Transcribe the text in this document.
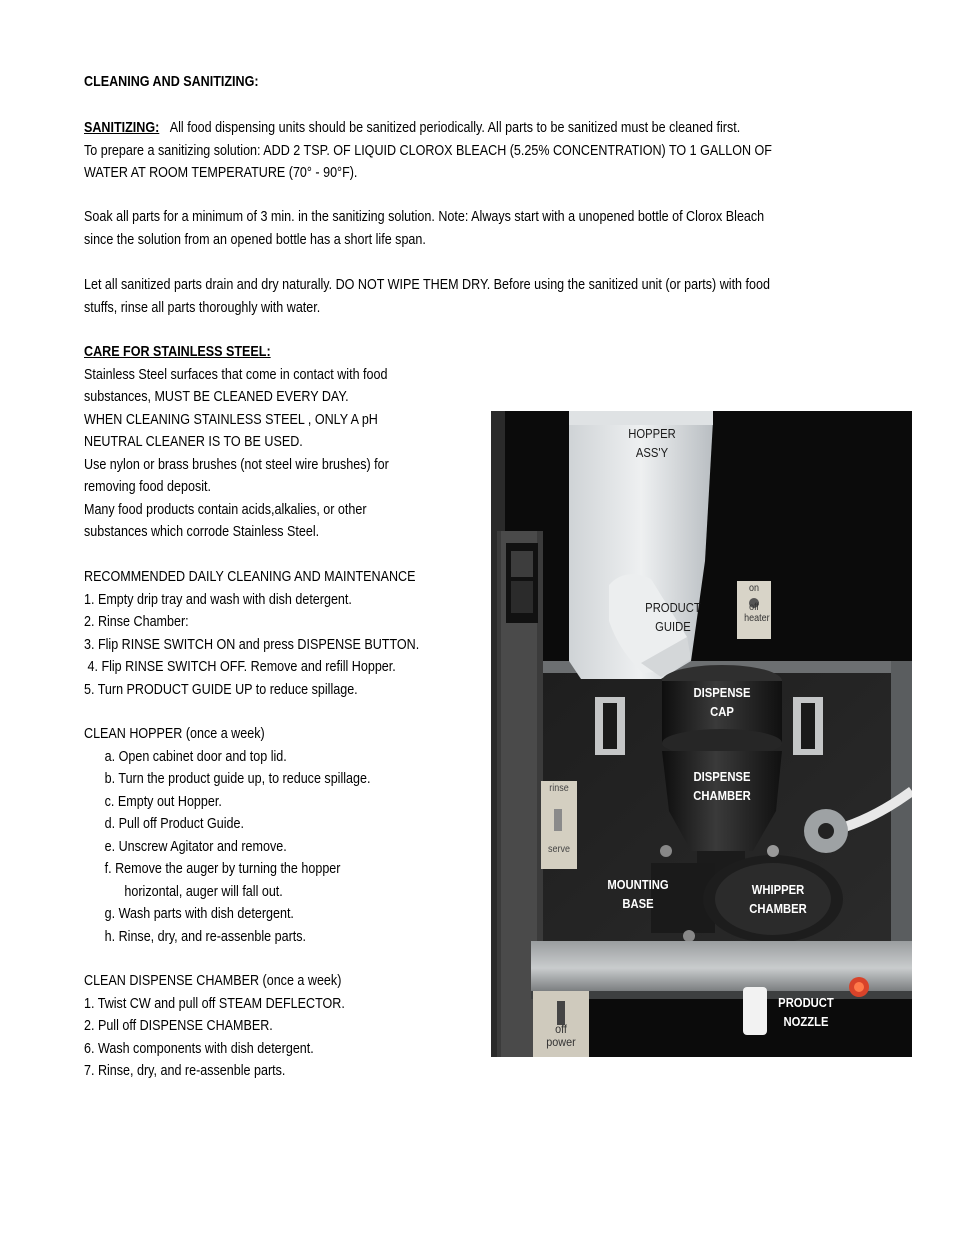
CLEANING AND SANITIZING:
SANITIZING: All food dispensing units should be sanitized periodically. All parts to be sanitized must be cleaned first.
To prepare a sanitizing solution: ADD 2 TSP. OF LIQUID CLOROX BLEACH (5.25% CONCENTRATION) TO 1 GALLON OF
WATER AT ROOM TEMPERATURE (70° - 90°F).
Soak all parts for a minimum of 3 min. in the sanitizing solution. Note: Always start with a unopened bottle of Clorox Bleach
since the solution from an opened bottle has a short life span.
Let all sanitized parts drain and dry naturally. DO NOT WIPE THEM DRY. Before using the sanitized unit (or parts) with food
stuffs, rinse all parts thoroughly with water.
CARE FOR STAINLESS STEEL:
Stainless Steel surfaces that come in contact with food
substances, MUST BE CLEANED EVERY DAY.
WHEN CLEANING STAINLESS STEEL , ONLY A pH
NEUTRAL CLEANER IS TO BE USED.
Use nylon or brass brushes (not steel wire brushes) for
removing food deposit.
Many food products contain acids,alkalies, or other
substances which corrode Stainless Steel.
RECOMMENDED DAILY CLEANING AND MAINTENANCE
1. Empty drip tray and wash with dish detergent.
2. Rinse Chamber:
3. Flip RINSE SWITCH ON and press DISPENSE BUTTON.
4. Flip RINSE SWITCH OFF. Remove and refill Hopper.
5. Turn PRODUCT GUIDE UP to reduce spillage.
CLEAN HOPPER (once a week)
a. Open cabinet door and top lid.
b. Turn the product guide up, to reduce spillage.
c. Empty out Hopper.
d. Pull off Product Guide.
e. Unscrew Agitator and remove.
f. Remove the auger by turning the hopper
horizontal, auger will fall out.
g. Wash parts with dish detergent.
h. Rinse, dry, and re-assenble parts.
CLEAN DISPENSE CHAMBER (once a week)
1. Twist CW and pull off STEAM DEFLECTOR.
2. Pull off DISPENSE CHAMBER.
6. Wash components with dish detergent.
7. Rinse, dry, and re-assenble parts.
on
off
heater
rinse
serve
off
power
HOPPER
ASS'Y
PRODUCT
GUIDE
DISPENSE
CAP
DISPENSE
CHAMBER
MOUNTING
BASE
WHIPPER
CHAMBER
PRODUCT
NOZZLE
